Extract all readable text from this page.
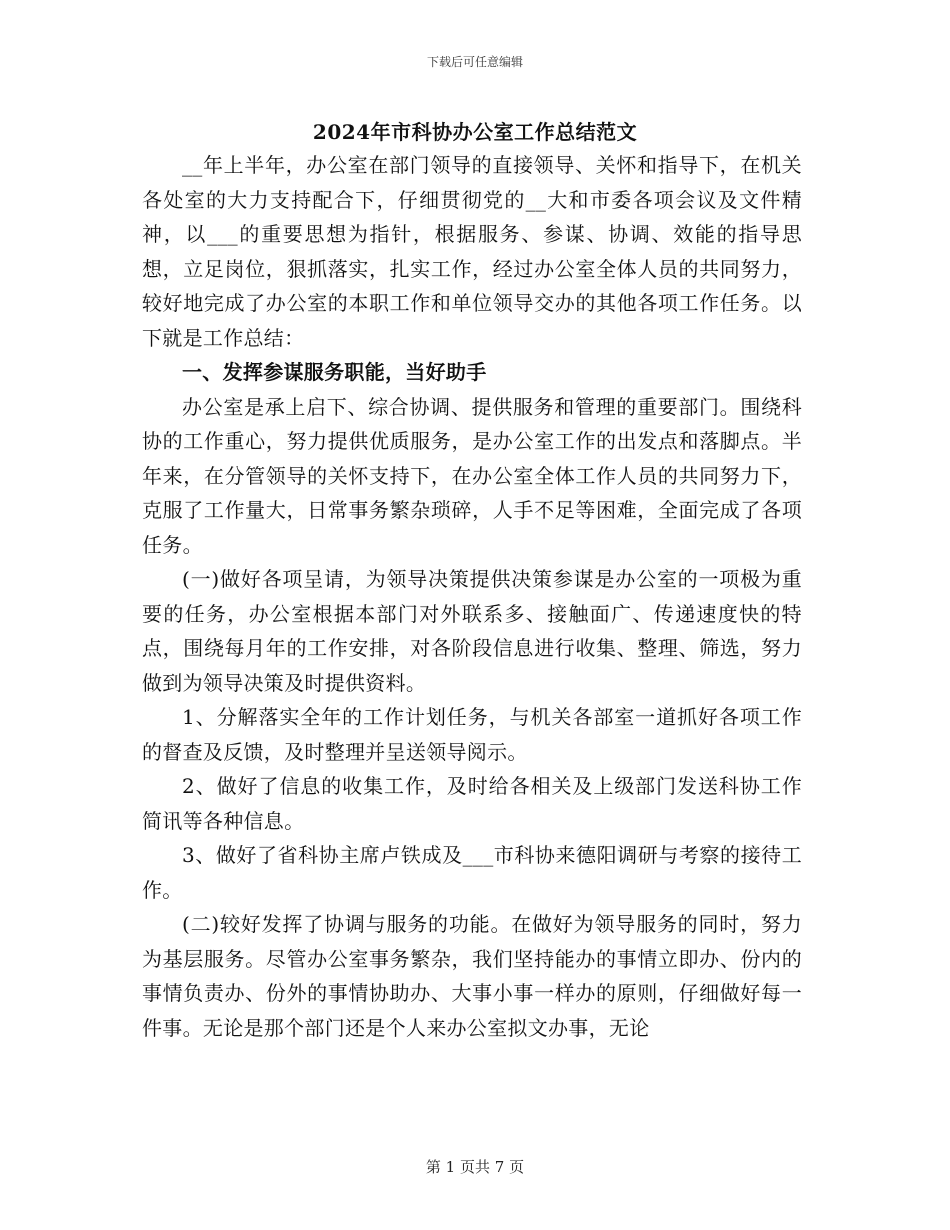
下载后可任意编辑
2024年市科协办公室工作总结范文

__年上半年，办公室在部门领导的直接领导、关怀和指导下，在机关各处室的大力支持配合下，仔细贯彻党的__大和市委各项会议及文件精神，以___的重要思想为指针，根据服务、参谋、协调、效能的指导思想，立足岗位，狠抓落实，扎实工作，经过办公室全体人员的共同努力，较好地完成了办公室的本职工作和单位领导交办的其他各项工作任务。以下就是工作总结：

一、发挥参谋服务职能，当好助手

办公室是承上启下、综合协调、提供服务和管理的重要部门。围绕科协的工作重心，努力提供优质服务，是办公室工作的出发点和落脚点。半年来，在分管领导的关怀支持下，在办公室全体工作人员的共同努力下，克服了工作量大，日常事务繁杂琐碎，人手不足等困难，全面完成了各项任务。

(一)做好各项呈请，为领导决策提供决策参谋是办公室的一项极为重要的任务，办公室根据本部门对外联系多、接触面广、传递速度快的特点，围绕每月年的工作安排，对各阶段信息进行收集、整理、筛选，努力做到为领导决策及时提供资料。

1、分解落实全年的工作计划任务，与机关各部室一道抓好各项工作的督查及反馈，及时整理并呈送领导阅示。

2、做好了信息的收集工作，及时给各相关及上级部门发送科协工作简讯等各种信息。

3、做好了省科协主席卢铁成及___市科协来德阳调研与考察的接待工作。

(二)较好发挥了协调与服务的功能。在做好为领导服务的同时，努力为基层服务。尽管办公室事务繁杂，我们坚持能办的事情立即办、份内的事情负责办、份外的事情协助办、大事小事一样办的原则，仔细做好每一件事。无论是那个部门还是个人来办公室拟文办事，无论

第 1 页共 7 页
